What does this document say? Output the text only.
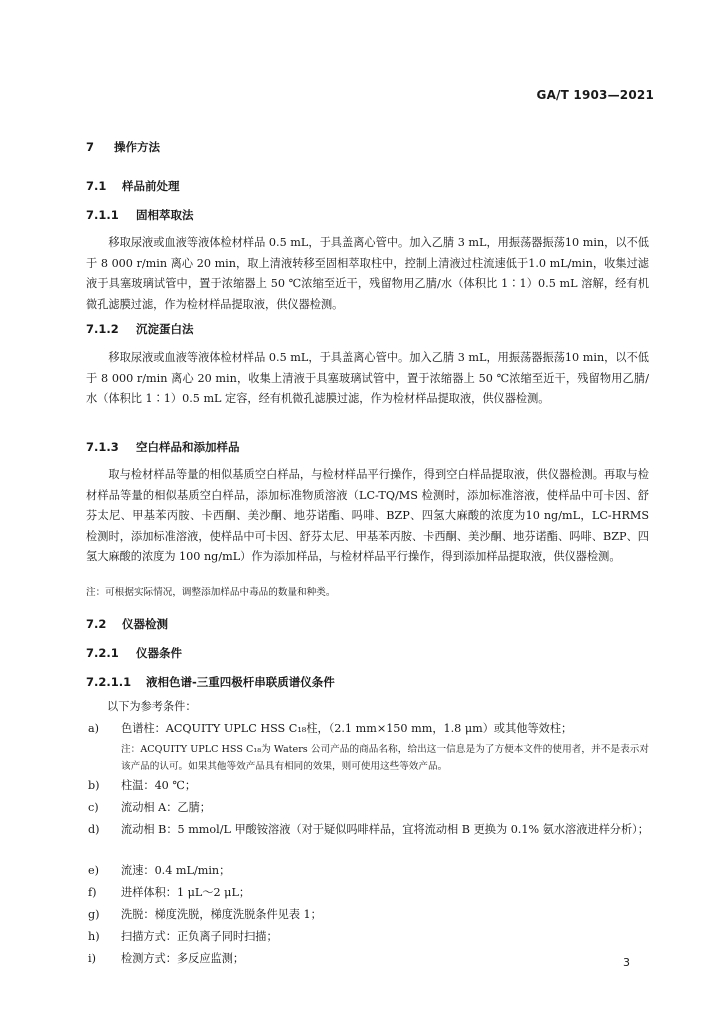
GA/T 1903—2021
7 操作方法
7.1 样品前处理
7.1.1 固相萃取法

移取尿液或血液等液体检材样品 0.5 mL，于具盖离心管中。加入乙腈 3 mL，用振荡器振荡10 min，以不低于 8 000 r/min 离心 20 min，取上清液转移至固相萃取柱中，控制上清液过柱流速低于1.0 mL/min，收集过滤液于具塞玻璃试管中，置于浓缩器上 50 ℃浓缩至近干，残留物用乙腈/水（体积比 1∶1）0.5 mL 溶解，经有机微孔滤膜过滤，作为检材样品提取液，供仪器检测。

7.1.2 沉淀蛋白法

移取尿液或血液等液体检材样品 0.5 mL，于具盖离心管中。加入乙腈 3 mL，用振荡器振荡10 min，以不低于 8 000 r/min 离心 20 min，收集上清液于具塞玻璃试管中，置于浓缩器上 50 ℃浓缩至近干，残留物用乙腈/水（体积比 1∶1）0.5 mL 定容，经有机微孔滤膜过滤，作为检材样品提取液，供仪器检测。

7.1.3 空白样品和添加样品

取与检材样品等量的相似基质空白样品，与检材样品平行操作，得到空白样品提取液，供仪器检测。再取与检材样品等量的相似基质空白样品，添加标准物质溶液（LC-TQ/MS 检测时，添加标准溶液，使样品中可卡因、舒芬太尼、甲基苯丙胺、卡西酮、美沙酮、地芬诺酯、吗啡、BZP、四氢大麻酸的浓度为10 ng/mL，LC-HRMS 检测时，添加标准溶液，使样品中可卡因、舒芬太尼、甲基苯丙胺、卡西酮、美沙酮、地芬诺酯、吗啡、BZP、四氢大麻酸的浓度为 100 ng/mL）作为添加样品，与检材样品平行操作，得到添加样品提取液，供仪器检测。

注：可根据实际情况，调整添加样品中毒品的数量和种类。

7.2 仪器检测
7.2.1 仪器条件
7.2.1.1 液相色谱-三重四极杆串联质谱仪条件
以下为参考条件：
a)	色谱柱：ACQUITY UPLC HSS C₁₈柱，（2.1 mm×150 mm，1.8 μm）或其他等效柱；
注：ACQUITY UPLC HSS C₁₈为 Waters 公司产品的商品名称，给出这一信息是为了方便本文件的使用者，并不是表示对该产品的认可。如果其他等效产品具有相同的效果，则可使用这些等效产品。
b)	柱温：40 ℃；
c)	流动相 A：乙腈；
d)	流动相 B：5 mmol/L 甲酸铵溶液（对于疑似吗啡样品，宜将流动相 B 更换为 0.1% 氨水溶液进样分析）；
e)	流速：0.4 mL/min；
f)	进样体积：1 μL～2 μL；
g)	洗脱：梯度洗脱，梯度洗脱条件见表 1；
h)	扫描方式：正负离子同时扫描；
i)	检测方式：多反应监测；	3
